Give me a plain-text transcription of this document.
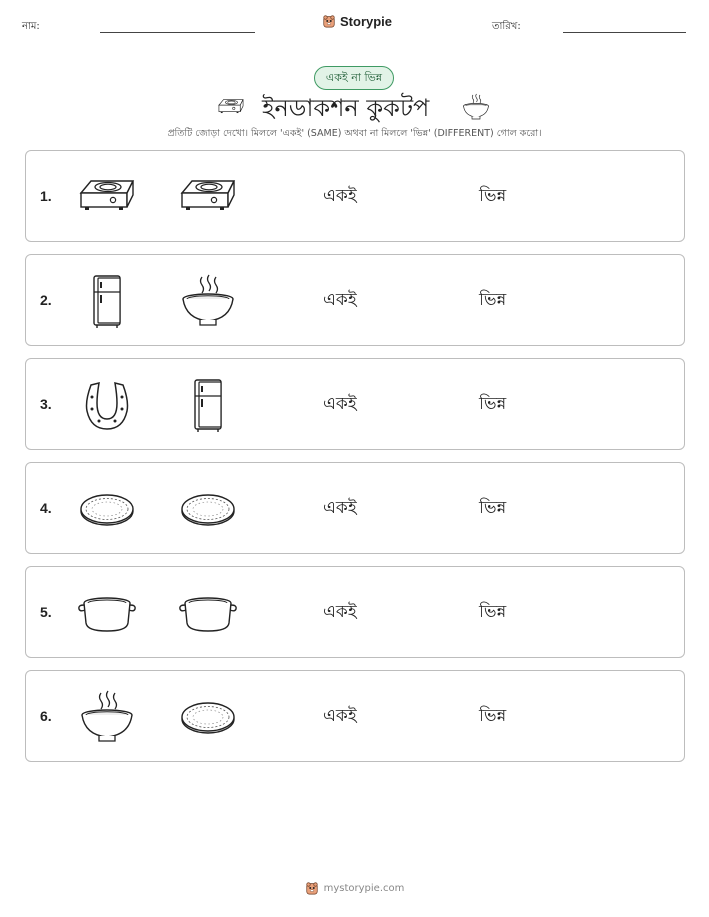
নাম:	Storypie	তারিখ:
একই না ভিন্ন
ইনডাকশন কুকটপ
প্রতিটি জোড়া দেখো। মিললে 'একই' (SAME) অথবা না মিললে 'ভিন্ন' (DIFFERENT) গোল করো।
1.	একই	ভিন্ন
2.	একই	ভিন্ন
3.	একই	ভিন্ন
4.	একই	ভিন্ন
5.	একই	ভিন্ন
6.	একই	ভিন্ন
mystorypie.com
